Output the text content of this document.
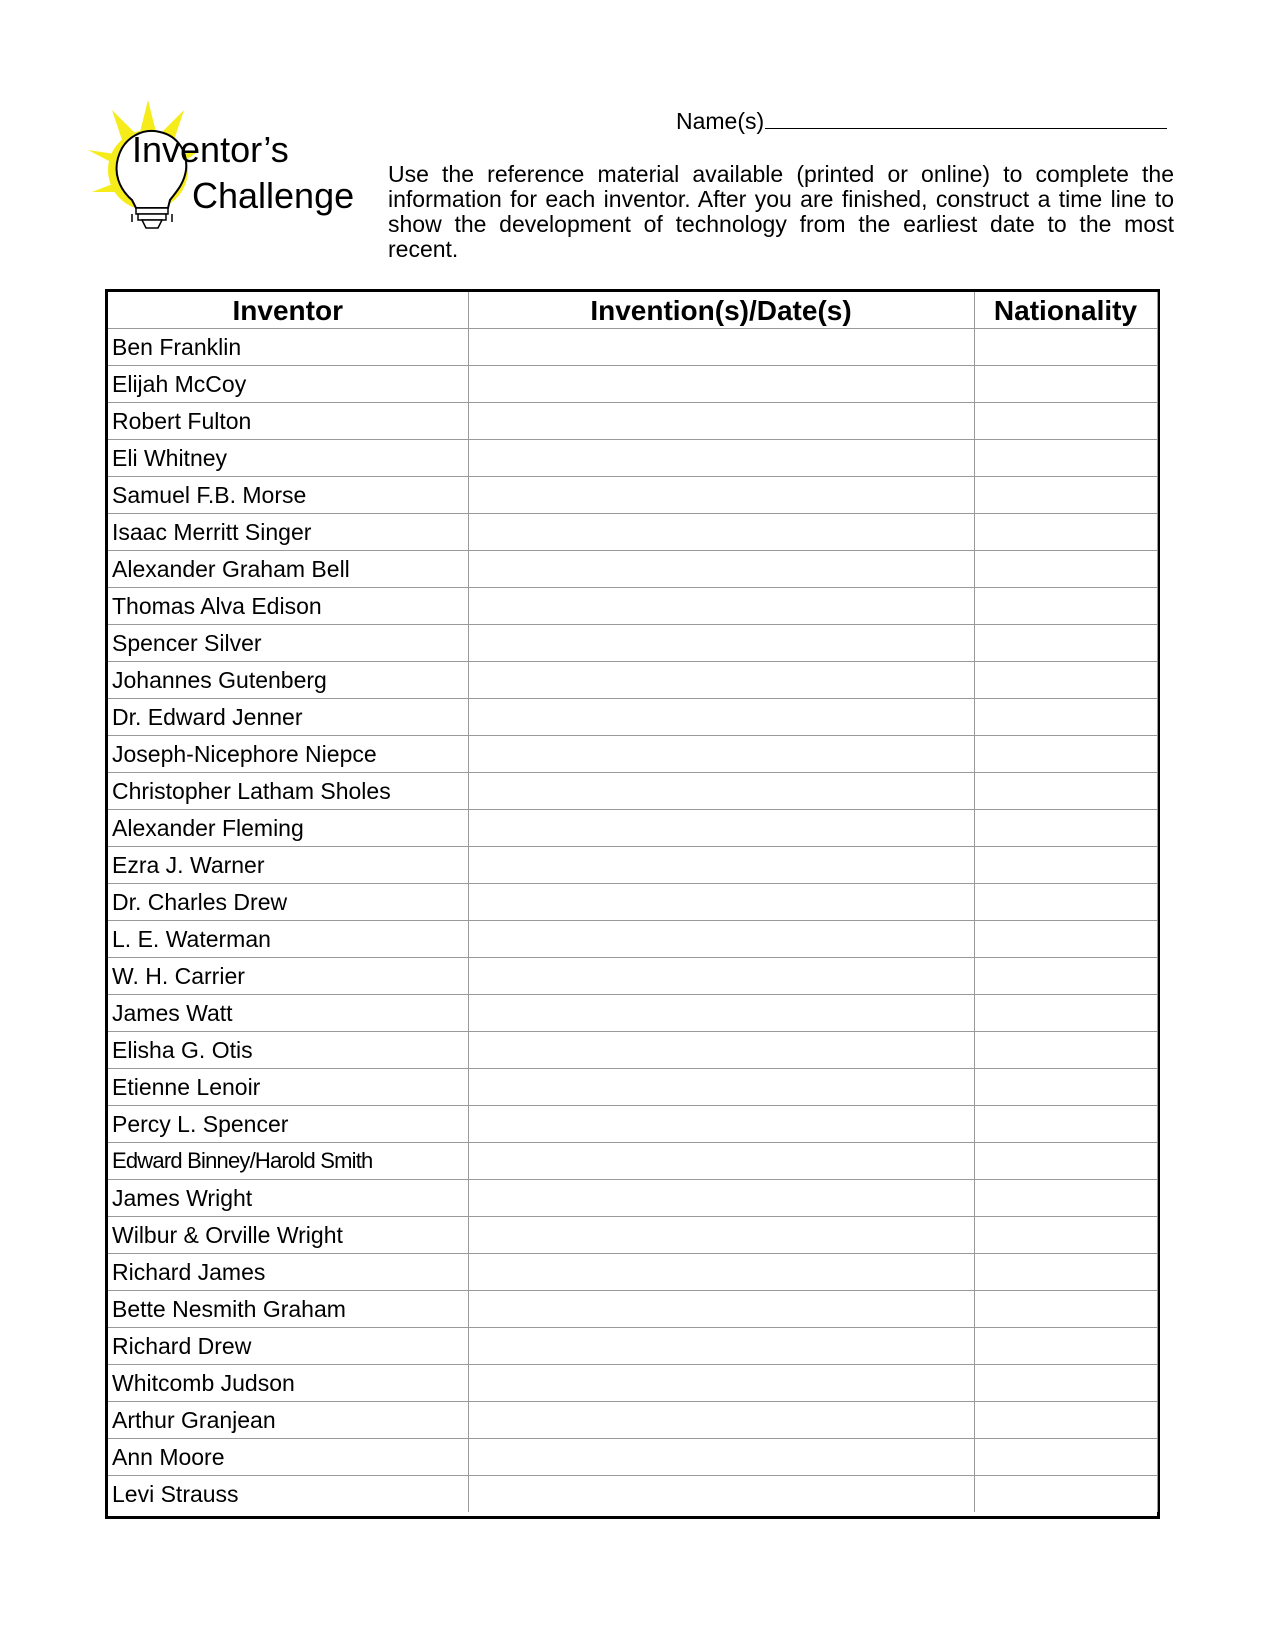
Inventor’s
Challenge
Name(s)
Use the reference material available (printed or online) to complete the information for each inventor. After you are finished, construct a time line to show the development of technology from the earliest date to the most recent.
Inventor	Invention(s)/Date(s)	Nationality
Ben Franklin		
Elijah McCoy		
Robert Fulton		
Eli Whitney		
Samuel F.B. Morse		
Isaac Merritt Singer		
Alexander Graham Bell		
Thomas Alva Edison		
Spencer Silver		
Johannes Gutenberg		
Dr. Edward Jenner		
Joseph-Nicephore Niepce		
Christopher Latham Sholes		
Alexander Fleming		
Ezra J. Warner		
Dr. Charles Drew		
L. E. Waterman		
W. H. Carrier		
James Watt		
Elisha G. Otis		
Etienne Lenoir		
Percy L. Spencer		
Edward Binney/Harold Smith		
James Wright		
Wilbur & Orville Wright		
Richard James		
Bette Nesmith Graham		
Richard Drew		
Whitcomb Judson		
Arthur Granjean		
Ann Moore		
Levi Strauss		
